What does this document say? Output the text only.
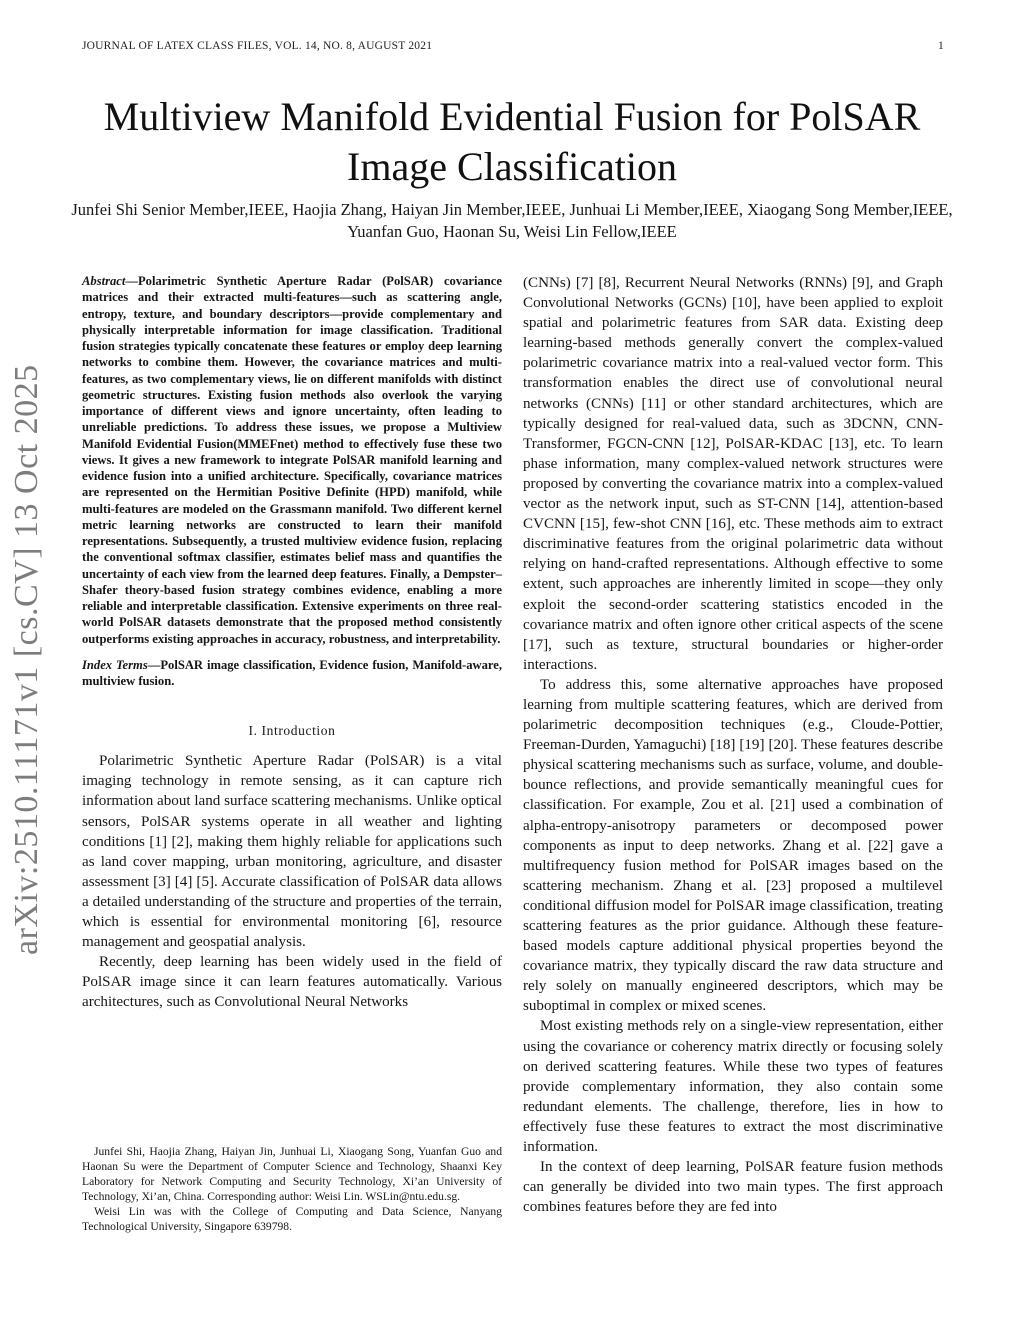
JOURNAL OF LATEX CLASS FILES, VOL. 14, NO. 8, AUGUST 2021	1
Multiview Manifold Evidential Fusion for PolSAR Image Classification
Junfei Shi Senior Member,IEEE, Haojia Zhang, Haiyan Jin Member,IEEE, Junhuai Li Member,IEEE, Xiaogang Song Member,IEEE, Yuanfan Guo, Haonan Su, Weisi Lin Fellow,IEEE
arXiv:2510.11171v1 [cs.CV] 13 Oct 2025

Abstract—Polarimetric Synthetic Aperture Radar (PolSAR) covariance matrices and their extracted multi-features—such as scattering angle, entropy, texture, and boundary descriptors—provide complementary and physically interpretable information for image classification. Traditional fusion strategies typically concatenate these features or employ deep learning networks to combine them. However, the covariance matrices and multi-features, as two complementary views, lie on different manifolds with distinct geometric structures. Existing fusion methods also overlook the varying importance of different views and ignore uncertainty, often leading to unreliable predictions. To address these issues, we propose a Multiview Manifold Evidential Fusion(MMEFnet) method to effectively fuse these two views. It gives a new framework to integrate PolSAR manifold learning and evidence fusion into a unified architecture. Specifically, covariance matrices are represented on the Hermitian Positive Definite (HPD) manifold, while multi-features are modeled on the Grassmann manifold. Two different kernel metric learning networks are constructed to learn their manifold representations. Subsequently, a trusted multiview evidence fusion, replacing the conventional softmax classifier, estimates belief mass and quantifies the uncertainty of each view from the learned deep features. Finally, a Dempster–Shafer theory-based fusion strategy combines evidence, enabling a more reliable and interpretable classification. Extensive experiments on three real-world PolSAR datasets demonstrate that the proposed method consistently outperforms existing approaches in accuracy, robustness, and interpretability.

Index Terms—PolSAR image classification, Evidence fusion, Manifold-aware, multiview fusion.

I. Introduction

Polarimetric Synthetic Aperture Radar (PolSAR) is a vital imaging technology in remote sensing, as it can capture rich information about land surface scattering mechanisms. Unlike optical sensors, PolSAR systems operate in all weather and lighting conditions [1] [2], making them highly reliable for applications such as land cover mapping, urban monitoring, agriculture, and disaster assessment [3] [4] [5]. Accurate classification of PolSAR data allows a detailed understanding of the structure and properties of the terrain, which is essential for environmental monitoring [6], resource management and geospatial analysis.

Recently, deep learning has been widely used in the field of PolSAR image since it can learn features automatically. Various architectures, such as Convolutional Neural Networks

(CNNs) [7] [8], Recurrent Neural Networks (RNNs) [9], and Graph Convolutional Networks (GCNs) [10], have been applied to exploit spatial and polarimetric features from SAR data. Existing deep learning-based methods generally convert the complex-valued polarimetric covariance matrix into a real-valued vector form. This transformation enables the direct use of convolutional neural networks (CNNs) [11] or other standard architectures, which are typically designed for real-valued data, such as 3DCNN, CNN-Transformer, FGCN-CNN [12], PolSAR-KDAC [13], etc. To learn phase information, many complex-valued network structures were proposed by converting the covariance matrix into a complex-valued vector as the network input, such as ST-CNN [14], attention-based CVCNN [15], few-shot CNN [16], etc. These methods aim to extract discriminative features from the original polarimetric data without relying on hand-crafted representations. Although effective to some extent, such approaches are inherently limited in scope—they only exploit the second-order scattering statistics encoded in the covariance matrix and often ignore other critical aspects of the scene [17], such as texture, structural boundaries or higher-order interactions.

To address this, some alternative approaches have proposed learning from multiple scattering features, which are derived from polarimetric decomposition techniques (e.g., Cloude-Pottier, Freeman-Durden, Yamaguchi) [18] [19] [20]. These features describe physical scattering mechanisms such as surface, volume, and double-bounce reflections, and provide semantically meaningful cues for classification. For example, Zou et al. [21] used a combination of alpha-entropy-anisotropy parameters or decomposed power components as input to deep networks. Zhang et al. [22] gave a multifrequency fusion method for PolSAR images based on the scattering mechanism. Zhang et al. [23] proposed a multilevel conditional diffusion model for PolSAR image classification, treating scattering features as the prior guidance. Although these feature-based models capture additional physical properties beyond the covariance matrix, they typically discard the raw data structure and rely solely on manually engineered descriptors, which may be suboptimal in complex or mixed scenes.

Most existing methods rely on a single-view representation, either using the covariance or coherency matrix directly or focusing solely on derived scattering features. While these two types of features provide complementary information, they also contain some redundant elements. The challenge, therefore, lies in how to effectively fuse these features to extract the most discriminative information.

In the context of deep learning, PolSAR feature fusion methods can generally be divided into two main types. The first approach combines features before they are fed into

Junfei Shi, Haojia Zhang, Haiyan Jin, Junhuai Li, Xiaogang Song, Yuanfan Guo and Haonan Su were the Department of Computer Science and Technology, Shaanxi Key Laboratory for Network Computing and Security Technology, Xi’an University of Technology, Xi’an, China. Corresponding author: Weisi Lin. WSLin@ntu.edu.sg.

Weisi Lin was with the College of Computing and Data Science, Nanyang Technological University, Singapore 639798.
